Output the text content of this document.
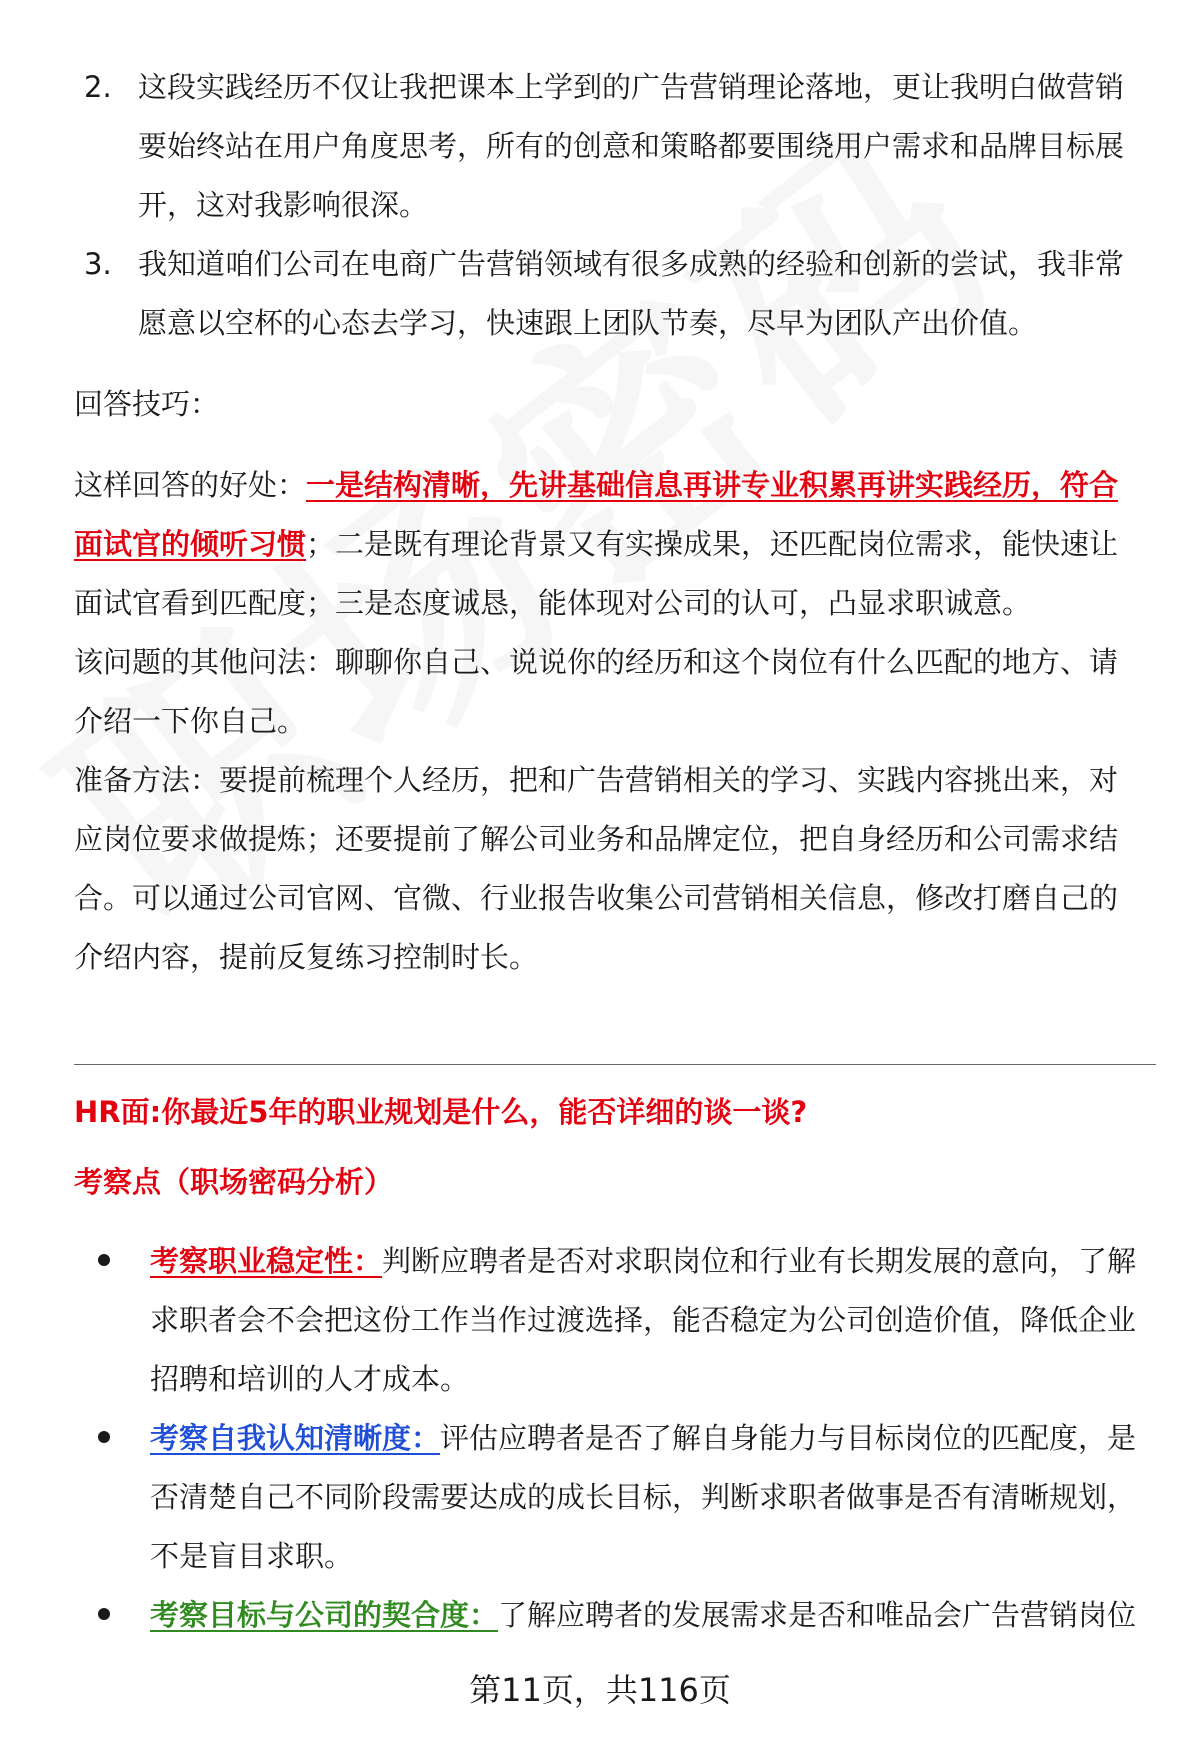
2. 这段实践经历不仅让我把课本上学到的广告营销理论落地，更让我明白做营销要始终站在用户角度思考，所有的创意和策略都要围绕用户需求和品牌目标展开，这对我影响很深。
3. 我知道咱们公司在电商广告营销领域有很多成熟的经验和创新的尝试，我非常愿意以空杯的心态去学习，快速跟上团队节奏，尽早为团队产出价值。

回答技巧：

这样回答的好处：一是结构清晰，先讲基础信息再讲专业积累再讲实践经历，符合面试官的倾听习惯；二是既有理论背景又有实操成果，还匹配岗位需求，能快速让面试官看到匹配度；三是态度诚恳，能体现对公司的认可，凸显求职诚意。

该问题的其他问法：聊聊你自己、说说你的经历和这个岗位有什么匹配的地方、请介绍一下你自己。

准备方法：要提前梳理个人经历，把和广告营销相关的学习、实践内容挑出来，对应岗位要求做提炼；还要提前了解公司业务和品牌定位，把自身经历和公司需求结合。可以通过公司官网、官微、行业报告收集公司营销相关信息，修改打磨自己的介绍内容，提前反复练习控制时长。

HR面:你最近5年的职业规划是什么，能否详细的谈一谈?

考察点（职场密码分析）

考察职业稳定性：判断应聘者是否对求职岗位和行业有长期发展的意向，了解求职者会不会把这份工作当作过渡选择，能否稳定为公司创造价值，降低企业招聘和培训的人才成本。
考察自我认知清晰度：评估应聘者是否了解自身能力与目标岗位的匹配度，是否清楚自己不同阶段需要达成的成长目标，判断求职者做事是否有清晰规划，不是盲目求职。
考察目标与公司的契合度：了解应聘者的发展需求是否和唯品会广告营销岗位
第11页，共116页
